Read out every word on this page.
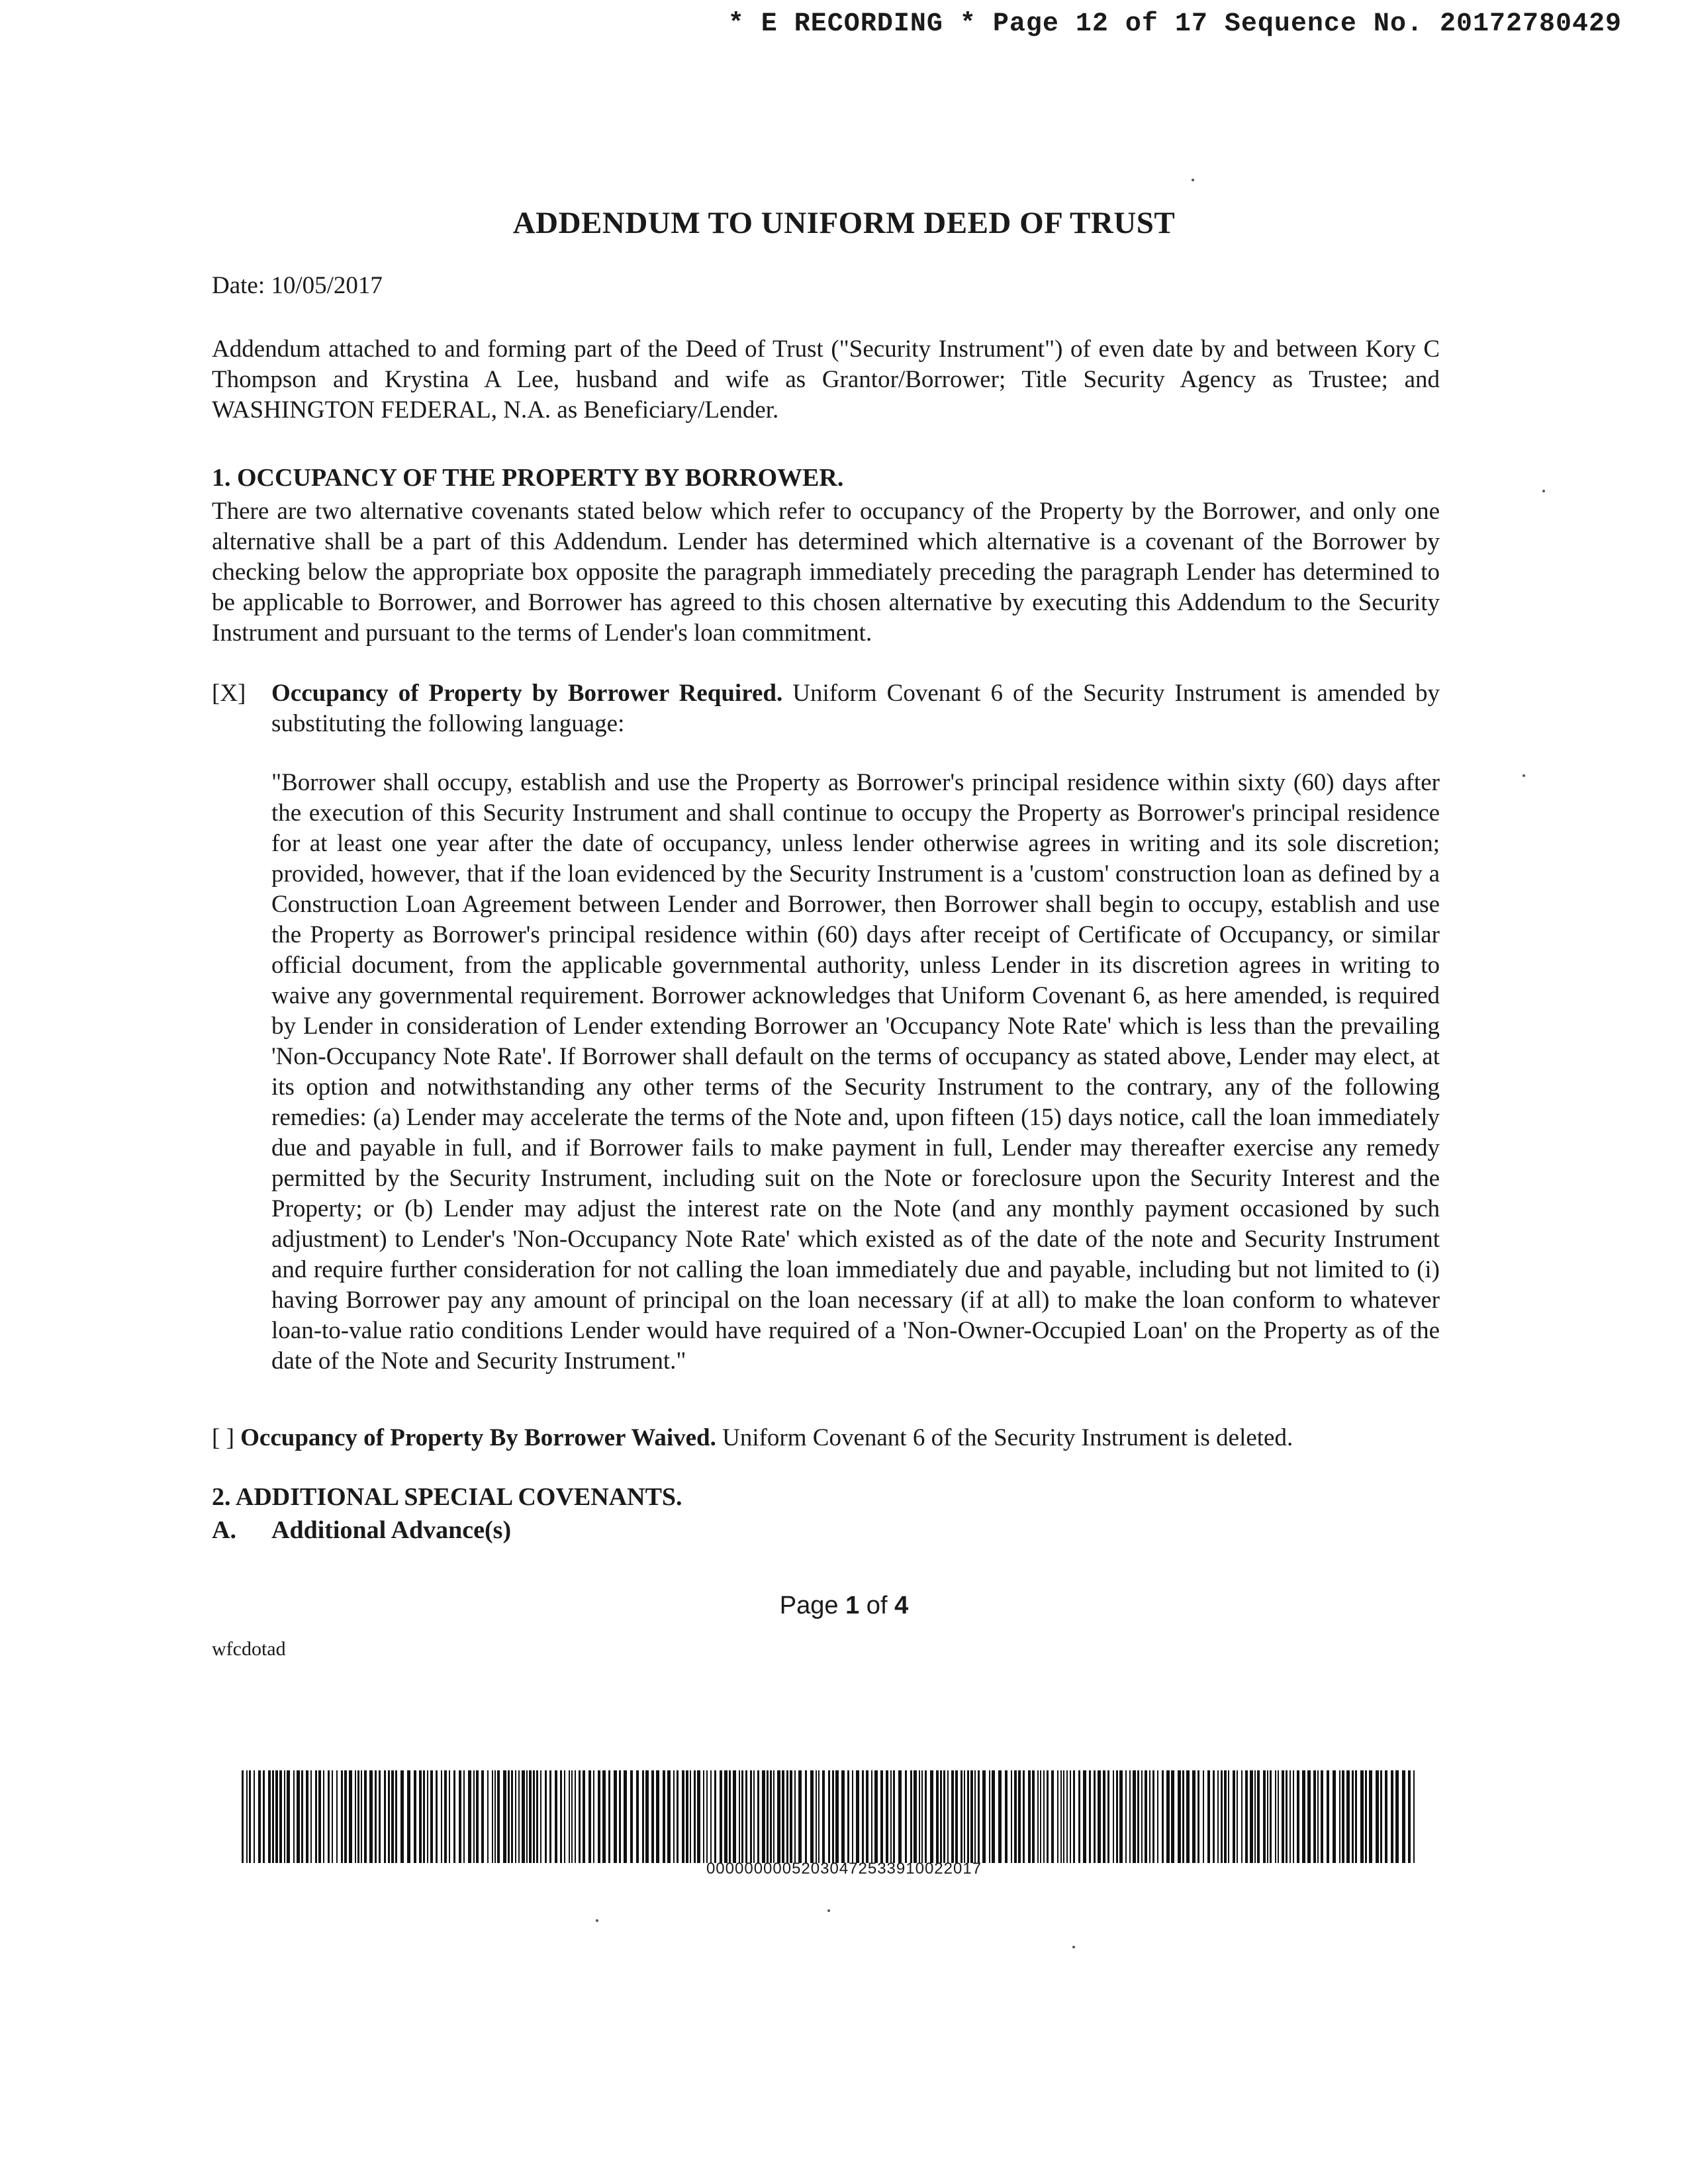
* E RECORDING * Page 12 of 17 Sequence No. 20172780429
ADDENDUM TO UNIFORM DEED OF TRUST
Date: 10/05/2017
Addendum attached to and forming part of the Deed of Trust ("Security Instrument") of even date by and between Kory C Thompson and Krystina A Lee, husband and wife as Grantor/Borrower; Title Security Agency as Trustee; and WASHINGTON FEDERAL, N.A. as Beneficiary/Lender.
1. OCCUPANCY OF THE PROPERTY BY BORROWER.
There are two alternative covenants stated below which refer to occupancy of the Property by the Borrower, and only one alternative shall be a part of this Addendum. Lender has determined which alternative is a covenant of the Borrower by checking below the appropriate box opposite the paragraph immediately preceding the paragraph Lender has determined to be applicable to Borrower, and Borrower has agreed to this chosen alternative by executing this Addendum to the Security Instrument and pursuant to the terms of Lender's loan commitment.
[X] Occupancy of Property by Borrower Required. Uniform Covenant 6 of the Security Instrument is amended by substituting the following language:
"Borrower shall occupy, establish and use the Property as Borrower's principal residence within sixty (60) days after the execution of this Security Instrument and shall continue to occupy the Property as Borrower's principal residence for at least one year after the date of occupancy, unless lender otherwise agrees in writing and its sole discretion; provided, however, that if the loan evidenced by the Security Instrument is a 'custom' construction loan as defined by a Construction Loan Agreement between Lender and Borrower, then Borrower shall begin to occupy, establish and use the Property as Borrower's principal residence within (60) days after receipt of Certificate of Occupancy, or similar official document, from the applicable governmental authority, unless Lender in its discretion agrees in writing to waive any governmental requirement. Borrower acknowledges that Uniform Covenant 6, as here amended, is required by Lender in consideration of Lender extending Borrower an 'Occupancy Note Rate' which is less than the prevailing 'Non-Occupancy Note Rate'. If Borrower shall default on the terms of occupancy as stated above, Lender may elect, at its option and notwithstanding any other terms of the Security Instrument to the contrary, any of the following remedies: (a) Lender may accelerate the terms of the Note and, upon fifteen (15) days notice, call the loan immediately due and payable in full, and if Borrower fails to make payment in full, Lender may thereafter exercise any remedy permitted by the Security Instrument, including suit on the Note or foreclosure upon the Security Interest and the Property; or (b) Lender may adjust the interest rate on the Note (and any monthly payment occasioned by such adjustment) to Lender's 'Non-Occupancy Note Rate' which existed as of the date of the note and Security Instrument and require further consideration for not calling the loan immediately due and payable, including but not limited to (i) having Borrower pay any amount of principal on the loan necessary (if at all) to make the loan conform to whatever loan-to-value ratio conditions Lender would have required of a 'Non-Owner-Occupied Loan' on the Property as of the date of the Note and Security Instrument."
[ ] Occupancy of Property By Borrower Waived. Uniform Covenant 6 of the Security Instrument is deleted.
2. ADDITIONAL SPECIAL COVENANTS.
A. Additional Advance(s)
Page 1 of 4
wfcdotad
000000000520304725339100220​17
